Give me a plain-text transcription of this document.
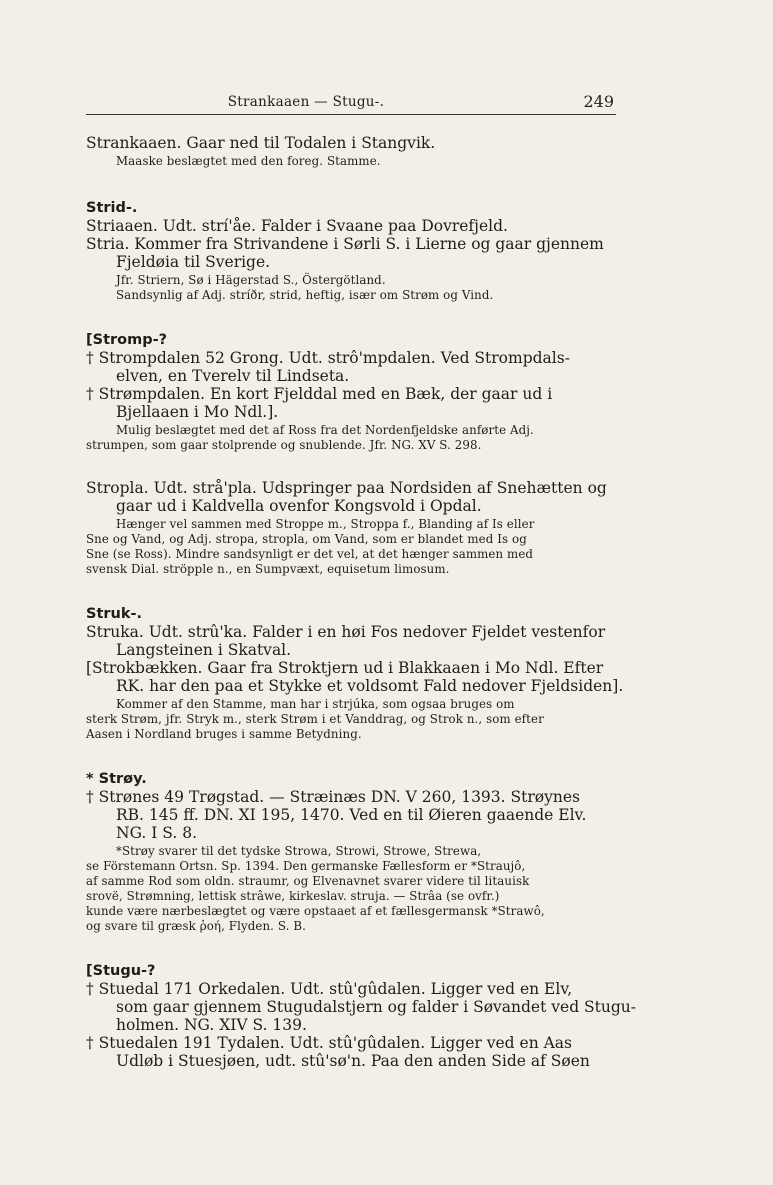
Strankaaen — Stugu-.	249

Strankaaen. Gaar ned til Todalen i Stangvik.

Maaske beslægtet med den foreg. Stamme.

Strid-.

Striaaen. Udt. strí'åe. Falder i Svaane paa Dovrefjeld.

Stria. Kommer fra Strivandene i Sørli S. i Lierne og gaar gjennem

Fjeldøia til Sverige.

Jfr. Striern, Sø i Hägerstad S., Östergötland.

Sandsynlig af Adj. stríðr, strid, heftig, især om Strøm og Vind.

[Stromp-?

† Strompdalen 52 Grong. Udt. strô'mpdalen. Ved Strompdals-

elven, en Tverelv til Lindseta.

† Strømpdalen. En kort Fjelddal med en Bæk, der gaar ud i

Bjellaaen i Mo Ndl.].

Mulig beslægtet med det af Ross fra det Nordenfjeldske anførte Adj.

strumpen, som gaar stolprende og snublende. Jfr. NG. XV S. 298.

Stropla. Udt. strå'pla. Udspringer paa Nordsiden af Snehætten og

gaar ud i Kaldvella ovenfor Kongsvold i Opdal.

Hænger vel sammen med Stroppe m., Stroppa f., Blanding af Is eller

Sne og Vand, og Adj. stropa, stropla, om Vand, som er blandet med Is og

Sne (se Ross). Mindre sandsynligt er det vel, at det hænger sammen med

svensk Dial. ströpple n., en Sumpvæxt, equisetum limosum.

Struk-.

Struka. Udt. strû'ka. Falder i en høi Fos nedover Fjeldet vestenfor

Langsteinen i Skatval.

[Strokbækken. Gaar fra Stroktjern ud i Blakkaaen i Mo Ndl. Efter

RK. har den paa et Stykke et voldsomt Fald nedover Fjeldsiden].

Kommer af den Stamme, man har i strjúka, som ogsaa bruges om

sterk Strøm, jfr. Stryk m., sterk Strøm i et Vanddrag, og Strok n., som efter

Aasen i Nordland bruges i samme Betydning.

* Strøy.

† Strønes 49 Trøgstad. — Stræinæs DN. V 260, 1393. Strøynes

RB. 145 ff. DN. XI 195, 1470. Ved en til Øieren gaaende Elv.

NG. I S. 8.

*Strøy svarer til det tydske Strowa, Strowi, Strowe, Strewa,

se Förstemann Ortsn. Sp. 1394. Den germanske Fællesform er *Straujô,

af samme Rod som oldn. straumr, og Elvenavnet svarer videre til litauisk

srovë, Strømning, lettisk strâwe, kirkeslav. struja. — Strâa (se ovfr.)

kunde være nærbeslægtet og være opstaaet af et fællesgermansk *Strawô,

og svare til græsk ῥοή, Flyden. S. B.

[Stugu-?

† Stuedal 171 Orkedalen. Udt. stû'gûdalen. Ligger ved en Elv,

som gaar gjennem Stugudalstjern og falder i Søvandet ved Stugu-

holmen. NG. XIV S. 139.

† Stuedalen 191 Tydalen. Udt. stû'gûdalen. Ligger ved en Aas

Udløb i Stuesjøen, udt. stû'sø'n. Paa den anden Side af Søen
